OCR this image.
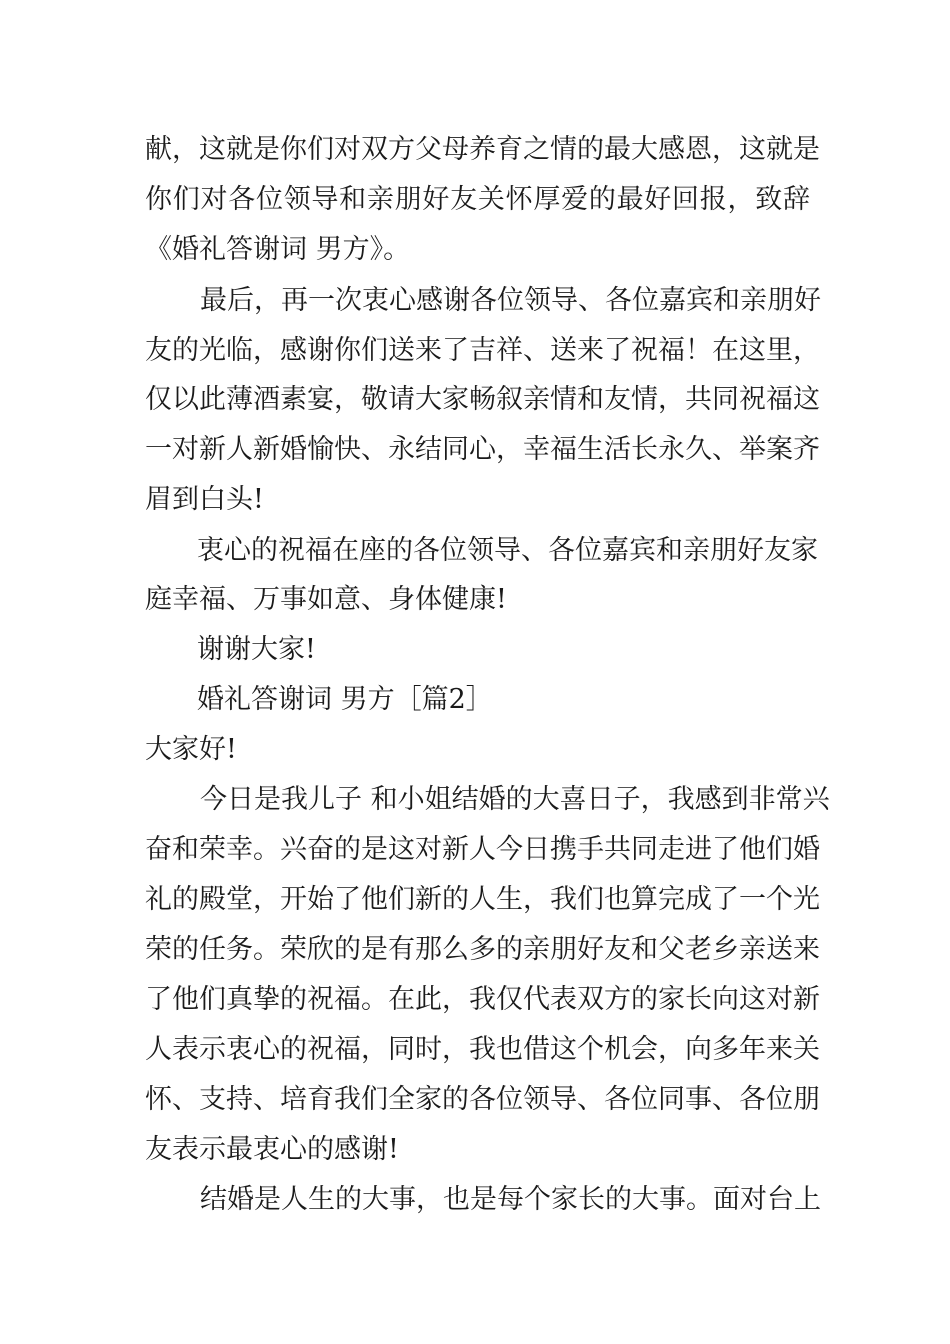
献，这就是你们对双方父母养育之情的最大感恩，这就是
你们对各位领导和亲朋好友关怀厚爱的最好回报，致辞
《婚礼答谢词 男方》。
最后，再一次衷心感谢各位领导、各位嘉宾和亲朋好
友的光临，感谢你们送来了吉祥、送来了祝福！在这里，
仅以此薄酒素宴，敬请大家畅叙亲情和友情，共同祝福这
一对新人新婚愉快、永结同心，幸福生活长永久、举案齐
眉到白头!
衷心的祝福在座的各位领导、各位嘉宾和亲朋好友家
庭幸福、万事如意、身体健康!
谢谢大家!
婚礼答谢词 男方［篇2］
大家好!
今日是我儿子 和小姐结婚的大喜日子，我感到非常兴
奋和荣幸。兴奋的是这对新人今日携手共同走进了他们婚
礼的殿堂，开始了他们新的人生，我们也算完成了一个光
荣的任务。荣欣的是有那么多的亲朋好友和父老乡亲送来
了他们真挚的祝福。在此，我仅代表双方的家长向这对新
人表示衷心的祝福，同时，我也借这个机会，向多年来关
怀、支持、培育我们全家的各位领导、各位同事、各位朋
友表示最衷心的感谢!
结婚是人生的大事，也是每个家长的大事。面对台上
